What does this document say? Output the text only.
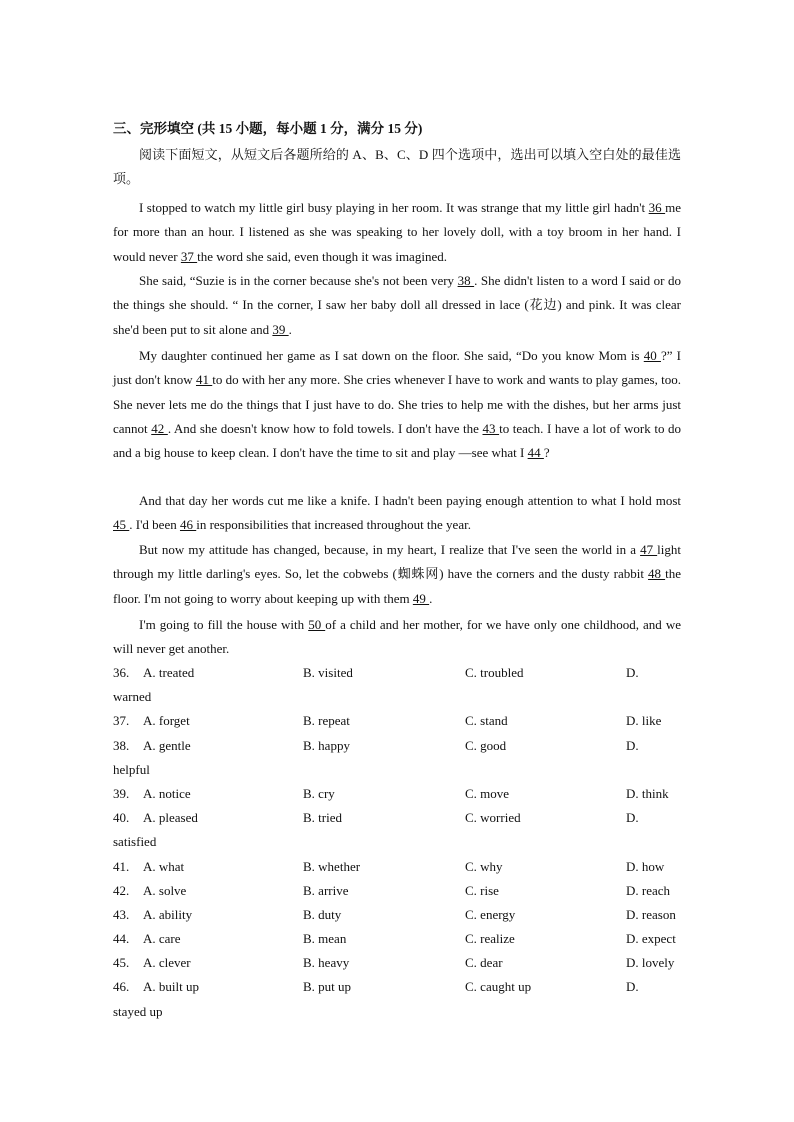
三、完形填空 (共 15 小题，每小题 1 分，满分 15 分)

阅读下面短文，从短文后各题所给的 A、B、C、D 四个选项中，选出可以填入空白处的最佳选项。

I stopped to watch my little girl busy playing in her room. It was strange that my little girl hadn't 36 me for more than an hour. I listened as she was speaking to her lovely doll, with a toy broom in her hand. I would never 37 the word she said, even though it was imagined.

She said, “Suzie is in the corner because she's not been very 38 . She didn't listen to a word I said or do the things she should. “ In the corner, I saw her baby doll all dressed in lace (花边) and pink. It was clear she'd been put to sit alone and 39 .

My daughter continued her game as I sat down on the floor. She said, “Do you know Mom is 40 ?” I just don't know 41 to do with her any more. She cries whenever I have to work and wants to play games, too. She never lets me do the things that I just have to do. She tries to help me with the dishes, but her arms just cannot 42 . And she doesn't know how to fold towels. I don't have the 43 to teach. I have a lot of work to do and a big house to keep clean. I don't have the time to sit and play —see what I 44 ?

And that day her words cut me like a knife. I hadn't been paying enough attention to what I hold most 45 . I'd been 46 in responsibilities that increased throughout the year.

But now my attitude has changed, because, in my heart, I realize that I've seen the world in a 47 light through my little darling's eyes. So, let the cobwebs (蜘蛛网) have the corners and the dusty rabbit 48 the floor. I'm not going to worry about keeping up with them 49 .

I'm going to fill the house with 50 of a child and her mother, for we have only one childhood, and we will never get another.

36. A. treated	B. visited	C. troubled	D.
warned
37. A. forget	B. repeat	C. stand	D. like
38. A. gentle	B. happy	C. good	D.
helpful
39. A. notice	B. cry	C. move	D. think
40. A. pleased	B. tried	C. worried	D.
satisfied
41. A. what	B. whether	C. why	D. how
42. A. solve	B. arrive	C. rise	D. reach
43. A. ability	B. duty	C. energy	D. reason
44. A. care	B. mean	C. realize	D. expect
45. A. clever	B. heavy	C. dear	D. lovely
46. A. built up	B. put up	C. caught up	D.
stayed up
